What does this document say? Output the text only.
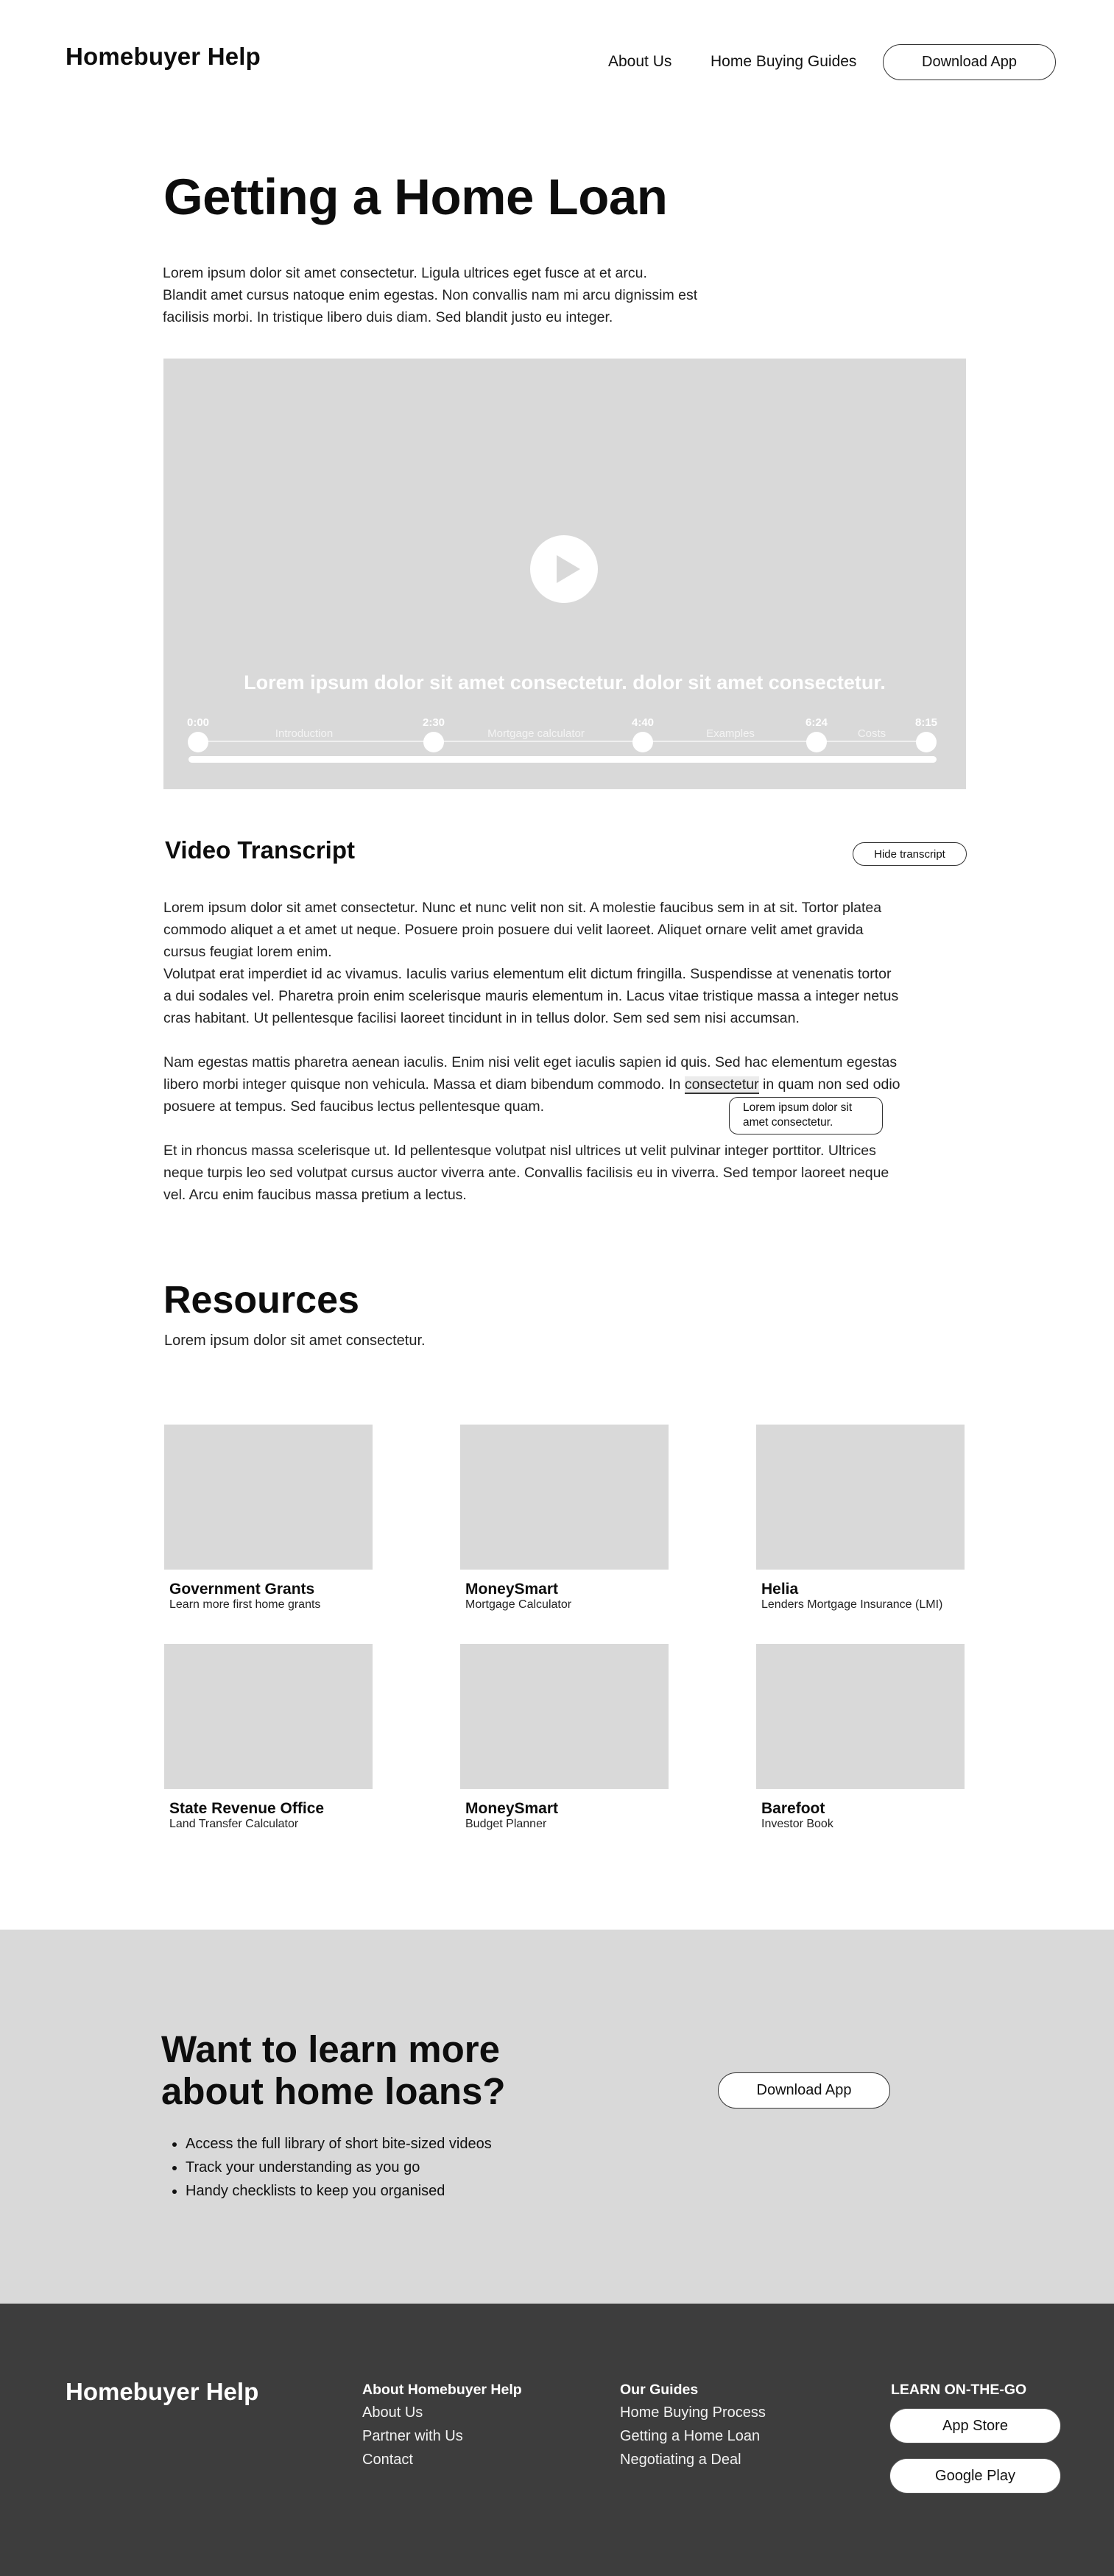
Homebuyer Help	About Us	Home Buying Guides	Download App
Getting a Home Loan
Lorem ipsum dolor sit amet consectetur. Ligula ultrices eget fusce at et arcu.
Blandit amet cursus natoque enim egestas. Non convallis nam mi arcu dignissim est
facilisis morbi. In tristique libero duis diam. Sed blandit justo eu integer.
Lorem ipsum dolor sit amet consectetur. dolor sit amet consectetur.
0:00	2:30	4:40	6:24	8:15
Introduction	Mortgage calculator	Examples	Costs
Video Transcript	Hide transcript

Lorem ipsum dolor sit amet consectetur. Nunc et nunc velit non sit. A molestie faucibus sem in at sit. Tortor platea
commodo aliquet a et amet ut neque. Posuere proin posuere dui velit laoreet. Aliquet ornare velit amet gravida
cursus feugiat lorem enim.
Volutpat erat imperdiet id ac vivamus. Iaculis varius elementum elit dictum fringilla. Suspendisse at venenatis tortor
a dui sodales vel. Pharetra proin enim scelerisque mauris elementum in. Lacus vitae tristique massa a integer netus
cras habitant. Ut pellentesque facilisi laoreet tincidunt in in tellus dolor. Sem sed sem nisi accumsan.

Nam egestas mattis pharetra aenean iaculis. Enim nisi velit eget iaculis sapien id quis. Sed hac elementum egestas
libero morbi integer quisque non vehicula. Massa et diam bibendum commodo. In consectetur in quam non sed odio
posuere at tempus. Sed faucibus lectus pellentesque quam.

Et in rhoncus massa scelerisque ut. Id pellentesque volutpat nisl ultrices ut velit pulvinar integer porttitor. Ultrices
neque turpis leo sed volutpat cursus auctor viverra ante. Convallis facilisis eu in viverra. Sed tempor laoreet neque
vel. Arcu enim faucibus massa pretium a lectus.

Lorem ipsum dolor sit
amet consectetur.
Resources
Lorem ipsum dolor sit amet consectetur.
Government Grants
Learn more first home grants
MoneySmart
Mortgage Calculator
Helia
Lenders Mortgage Insurance (LMI)
State Revenue Office
Land Transfer Calculator
MoneySmart
Budget Planner
Barefoot
Investor Book
Want to learn more
about home loans?
• Access the full library of short bite-sized videos
• Track your understanding as you go
• Handy checklists to keep you organised
Download App
Homebuyer Help	About Homebuyer Help
About Us
Partner with Us
Contact
Our Guides
Home Buying Process
Getting a Home Loan
Negotiating a Deal
LEARN ON-THE-GO
App Store
Google Play
